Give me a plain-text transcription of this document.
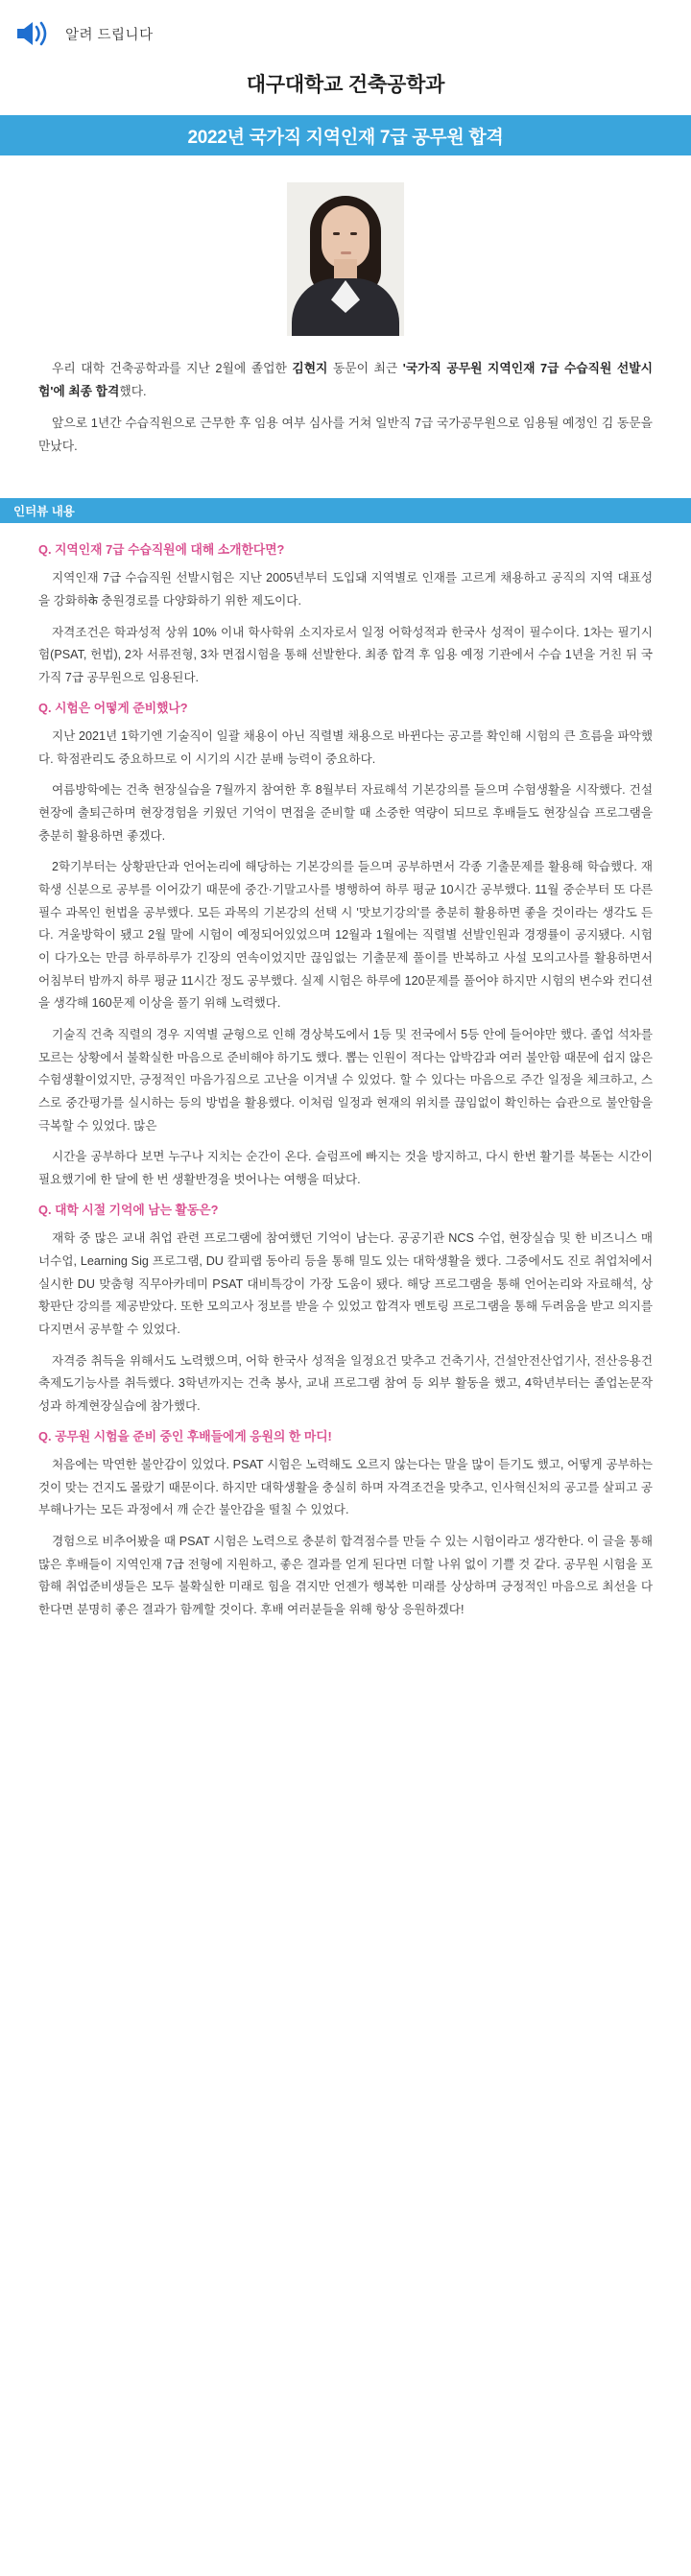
알려 드립니다
대구대학교 건축공학과
2022년 국가직 지역인재 7급 공무원 합격

우리 대학 건축공학과를 지난 2월에 졸업한 김현지 동문이 최근 '국가직 공무원 지역인재 7급 수습직원 선발시험'에 최종 합격했다.

앞으로 1년간 수습직원으로 근무한 후 임용 여부 심사를 거쳐 일반직 7급 국가공무원으로 임용될 예정인 김 동문을 만났다.

인터뷰 내용
Q. 지역인재 7급 수습직원에 대해 소개한다면?

지역인재 7급 수습직원 선발시험은 지난 2005년부터 도입돼 지역별로 인재를 고르게 채용하고 공직의 지역 대표성을 강화하के 충원경로를 다양화하기 위한 제도이다.

자격조건은 학과성적 상위 10% 이내 학사학위 소지자로서 일정 어학성적과 한국사 성적이 필수이다. 1차는 필기시험(PSAT, 헌법), 2차 서류전형, 3차 면접시험을 통해 선발한다. 최종 합격 후 임용 예정 기관에서 수습 1년을 거친 뒤 국가직 7급 공무원으로 임용된다.

Q. 시험은 어떻게 준비했나?

지난 2021년 1학기엔 기술직이 일괄 채용이 아닌 직렬별 채용으로 바뀐다는 공고를 확인해 시험의 큰 흐름을 파악했다. 학점관리도 중요하므로 이 시기의 시간 분배 능력이 중요하다.

여름방학에는 건축 현장실습을 7월까지 참여한 후 8월부터 자료해석 기본강의를 들으며 수험생활을 시작했다. 건설 현장에 출퇴근하며 현장경험을 키웠던 기억이 면접을 준비할 때 소중한 역량이 되므로 후배들도 현장실습 프로그램을 충분히 활용하면 좋겠다.

2학기부터는 상황판단과 언어논리에 해당하는 기본강의를 들으며 공부하면서 각종 기출문제를 활용해 학습했다. 재학생 신분으로 공부를 이어갔기 때문에 중간·기말고사를 병행하여 하루 평균 10시간 공부했다. 11월 중순부터 또 다른 필수 과목인 헌법을 공부했다. 모든 과목의 기본강의 선택 시 '맛보기강의'를 충분히 활용하면 좋을 것이라는 생각도 든다. 겨울방학이 됐고 2월 말에 시험이 예정되어있었으며 12월과 1월에는 직렬별 선발인원과 경쟁률이 공지됐다. 시험이 다가오는 만큼 하루하루가 긴장의 연속이었지만 끊임없는 기출문제 풀이를 반복하고 사설 모의고사를 활용하면서 어침부터 밤까지 하루 평균 11시간 정도 공부했다. 실제 시험은 하루에 120문제를 풀어야 하지만 시험의 변수와 컨디션을 생각해 160문제 이상을 풀기 위해 노력했다.

기술직 건축 직렬의 경우 지역별 균형으로 인해 경상북도에서 1등 및 전국에서 5등 안에 들어야만 했다. 졸업 석차를 모르는 상황에서 불확실한 마음으로 준비해야 하기도 했다. 뽑는 인원이 적다는 압박감과 여러 불안함 때문에 쉽지 않은 수험생활이었지만, 긍정적인 마음가짐으로 고난을 이겨낼 수 있었다. 할 수 있다는 마음으로 주간 일정을 체크하고, 스스로 중간평가를 실시하는 등의 방법을 활용했다. 이처럼 일정과 현재의 위치를 끊임없이 확인하는 습관으로 불안함을 극복할 수 있었다. 많은

시간을 공부하다 보면 누구나 지치는 순간이 온다. 슬럼프에 빠지는 것을 방지하고, 다시 한번 활기를 북돋는 시간이 필요했기에 한 달에 한 번 생활반경을 벗어나는 여행을 떠났다.

Q. 대학 시절 기억에 남는 활동은?

재학 중 많은 교내 취업 관련 프로그램에 참여했던 기억이 남는다. 공공기관 NCS 수업, 현장실습 및 한 비즈니스 매너수업, Learning Sig 프로그램, DU 칼피랩 동아리 등을 통해 밀도 있는 대학생활을 했다. 그중에서도 진로 취업처에서 실시한 DU 맞춤형 직무아카데미 PSAT 대비특강이 가장 도움이 됐다. 해당 프로그램을 통해 언어논리와 자료해석, 상황판단 강의를 제공받았다. 또한 모의고사 정보를 받을 수 있었고 합격자 멘토링 프로그램을 통해 두려움을 받고 의지를 다지면서 공부할 수 있었다.

자격증 취득을 위해서도 노력했으며, 어학 한국사 성적을 일정요건 맞추고 건축기사, 건설안전산업기사, 전산응용건축제도기능사를 취득했다. 3학년까지는 건축 봉사, 교내 프로그램 참여 등 외부 활동을 했고, 4학년부터는 졸업논문작성과 하계현장실습에 참가했다.

Q. 공무원 시험을 준비 중인 후배들에게 응원의 한 마디!

처음에는 막연한 불안감이 있었다. PSAT 시험은 노력해도 오르지 않는다는 말을 많이 듣기도 했고, 어떻게 공부하는 것이 맞는 건지도 몰랐기 때문이다. 하지만 대학생활을 충실히 하며 자격조건을 맞추고, 인사혁신처의 공고를 살피고 공부해나가는 모든 과정에서 깨 순간 불안감을 떨칠 수 있었다.

경험으로 비추어봤을 때 PSAT 시험은 노력으로 충분히 합격점수를 만들 수 있는 시험이라고 생각한다. 이 글을 통해 많은 후배들이 지역인재 7급 전형에 지원하고, 좋은 결과를 얻게 된다면 더할 나위 없이 기쁠 것 같다. 공무원 시험을 포함해 취업준비생들은 모두 불확실한 미래로 힘을 겪지만 언젠가 행복한 미래를 상상하며 긍정적인 마음으로 최선을 다한다면 분명히 좋은 결과가 함께할 것이다. 후배 여러분들을 위해 항상 응원하겠다!
